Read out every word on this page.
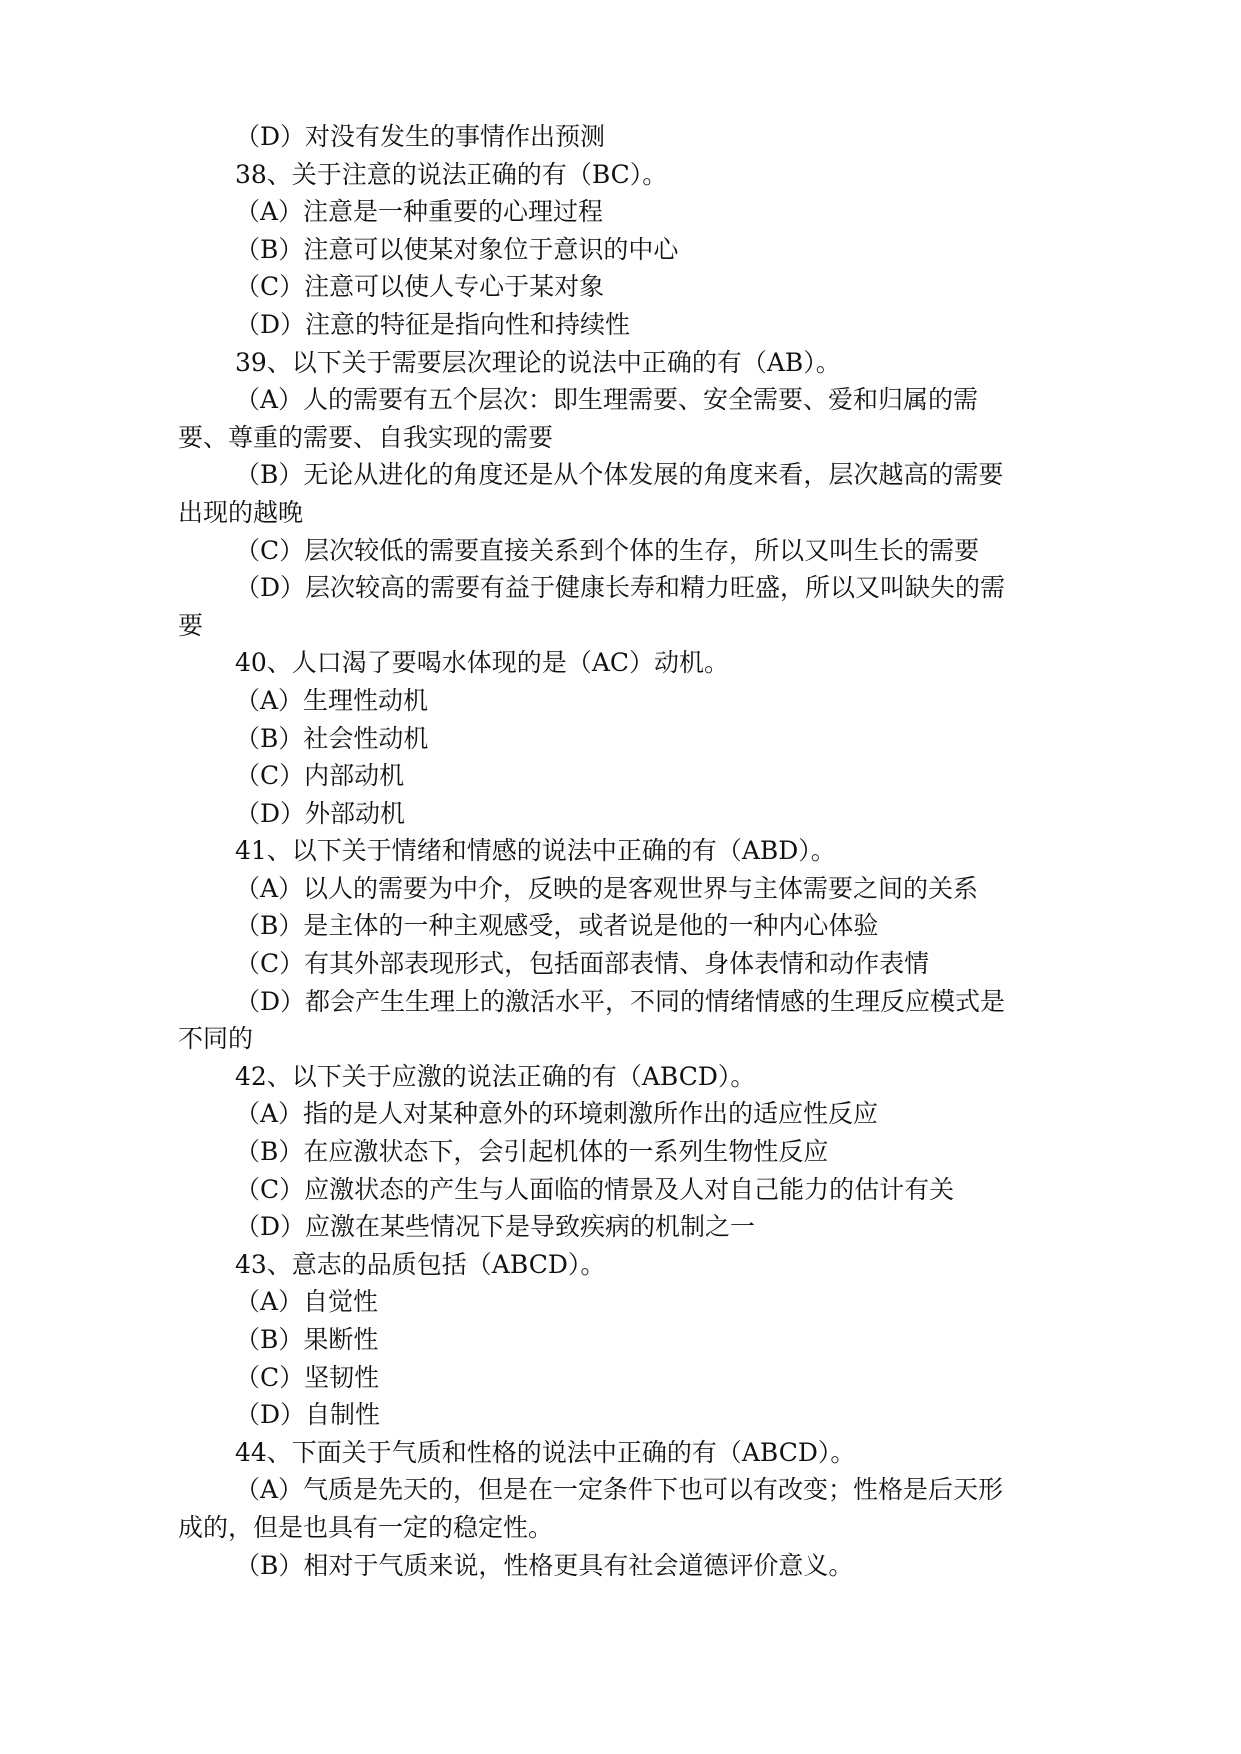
（D）对没有发生的事情作出预测
38、关于注意的说法正确的有（BC）。
（A）注意是一种重要的心理过程
（B）注意可以使某对象位于意识的中心
（C）注意可以使人专心于某对象
（D）注意的特征是指向性和持续性
39、以下关于需要层次理论的说法中正确的有（AB）。
（A）人的需要有五个层次：即生理需要、安全需要、爱和归属的需
要、尊重的需要、自我实现的需要
（B）无论从进化的角度还是从个体发展的角度来看，层次越高的需要
出现的越晚
（C）层次较低的需要直接关系到个体的生存，所以又叫生长的需要
（D）层次较高的需要有益于健康长寿和精力旺盛，所以又叫缺失的需
要
40、人口渴了要喝水体现的是（AC）动机。
（A）生理性动机
（B）社会性动机
（C）内部动机
（D）外部动机
41、以下关于情绪和情感的说法中正确的有（ABD）。
（A）以人的需要为中介，反映的是客观世界与主体需要之间的关系
（B）是主体的一种主观感受，或者说是他的一种内心体验
（C）有其外部表现形式，包括面部表情、身体表情和动作表情
（D）都会产生生理上的激活水平，不同的情绪情感的生理反应模式是
不同的
42、以下关于应激的说法正确的有（ABCD）。
（A）指的是人对某种意外的环境刺激所作出的适应性反应
（B）在应激状态下，会引起机体的一系列生物性反应
（C）应激状态的产生与人面临的情景及人对自己能力的估计有关
（D）应激在某些情况下是导致疾病的机制之一
43、意志的品质包括（ABCD）。
（A）自觉性
（B）果断性
（C）坚韧性
（D）自制性
44、下面关于气质和性格的说法中正确的有（ABCD）。
（A）气质是先天的，但是在一定条件下也可以有改变；性格是后天形
成的，但是也具有一定的稳定性。
（B）相对于气质来说，性格更具有社会道德评价意义。
